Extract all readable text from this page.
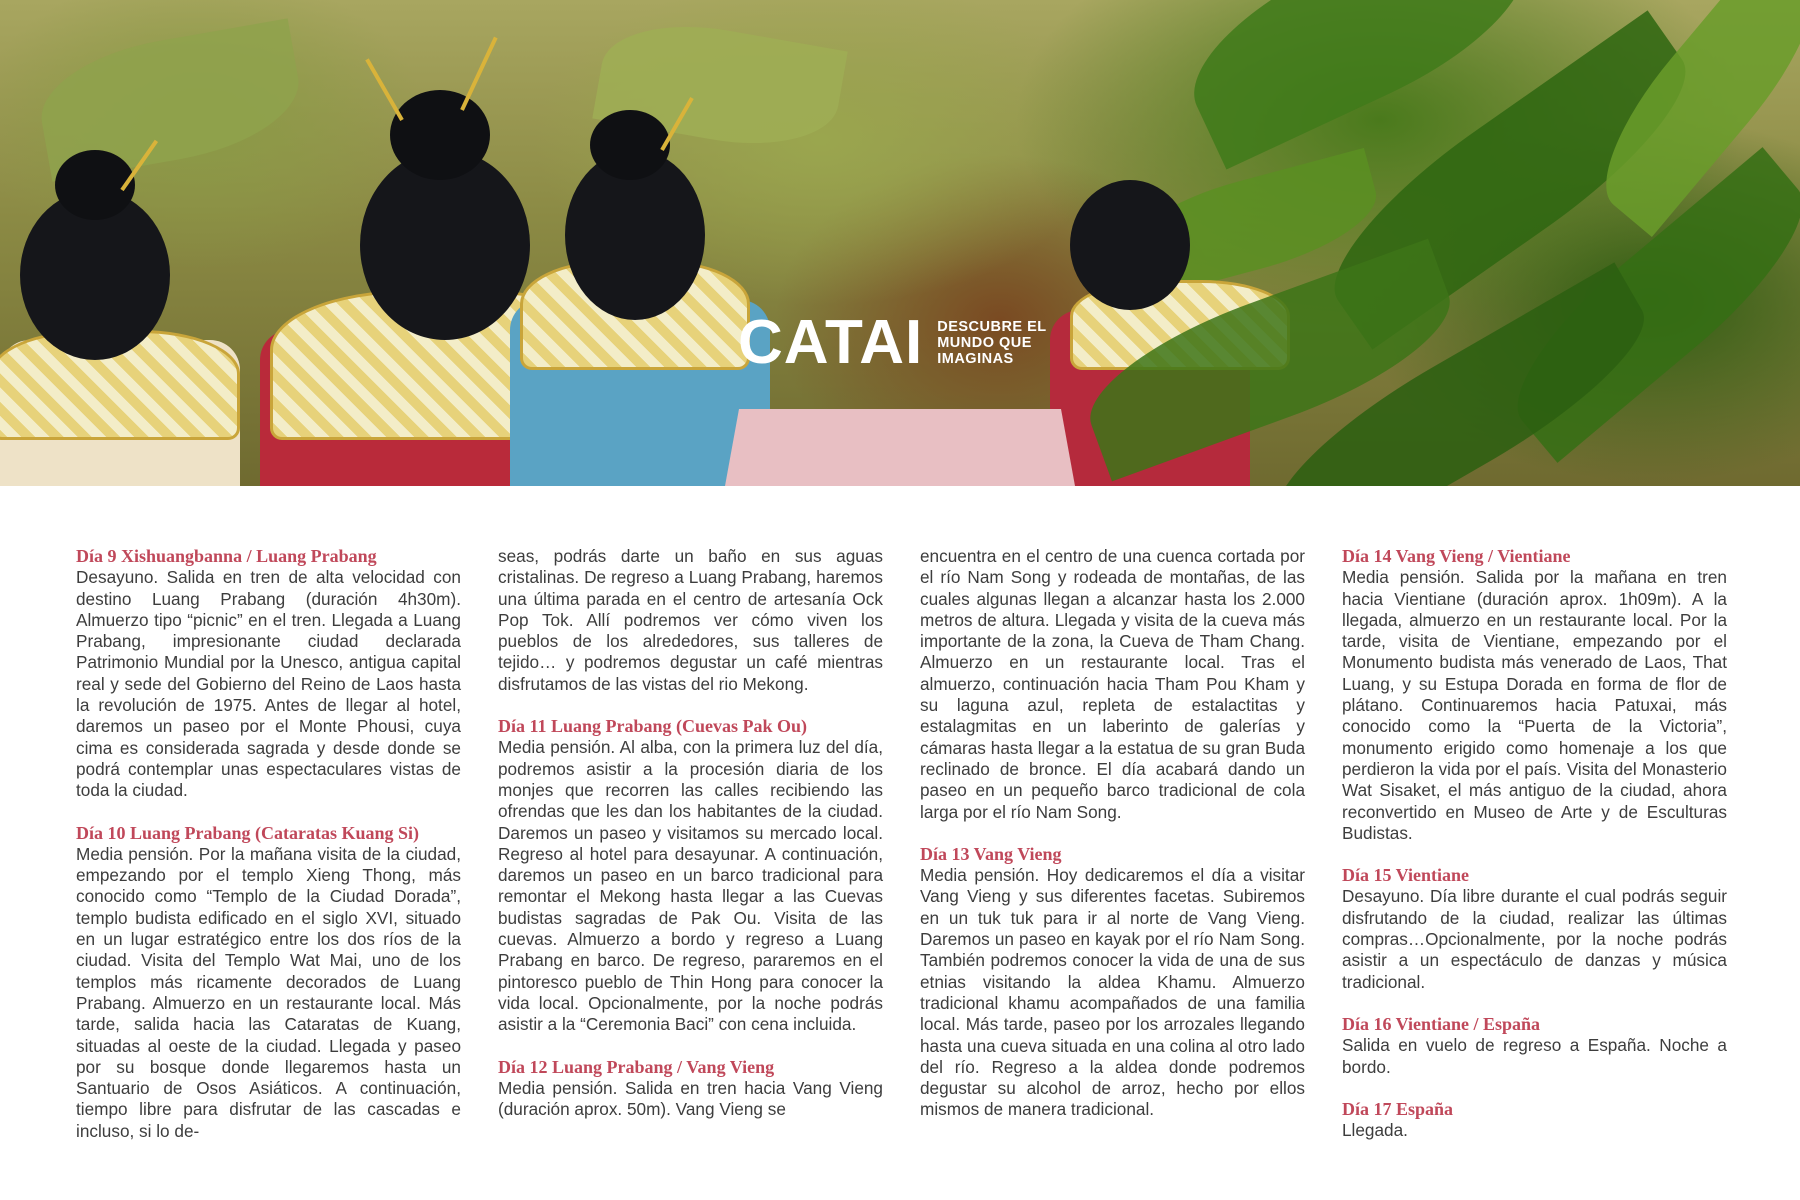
CATAI DESCUBRE EL
MUNDO QUE
IMAGINAS
Día 9 Xishuangbanna / Luang Prabang
Desayuno. Salida en tren de alta velocidad con destino Luang Prabang (duración 4h30m). Almuerzo tipo “picnic” en el tren. Llegada a Luang Prabang, impresionante ciudad declarada Patrimonio Mundial por la Unesco, antigua capital real y sede del Gobierno del Reino de Laos hasta la revolución de 1975. Antes de llegar al hotel, daremos un paseo por el Monte Phousi, cuya cima es considerada sagrada y desde donde se podrá contemplar unas espectaculares vistas de toda la ciudad.
Día 10 Luang Prabang (Cataratas Kuang Si)
Media pensión. Por la mañana visita de la ciudad, empezando por el templo Xieng Thong, más conocido como “Templo de la Ciudad Dorada”, templo budista edificado en el siglo XVI, situado en un lugar estratégico entre los dos ríos de la ciudad. Visita del Templo Wat Mai, uno de los templos más ricamente decorados de Luang Prabang. Almuerzo en un restaurante local. Más tarde, salida hacia las Cataratas de Kuang, situadas al oeste de la ciudad. Llegada y paseo por su bosque donde llegaremos hasta un Santuario de Osos Asiáticos. A continuación, tiempo libre para disfrutar de las cascadas e incluso, si lo de-
seas, podrás darte un baño en sus aguas cristalinas. De regreso a Luang Prabang, haremos una última parada en el centro de artesanía Ock Pop Tok. Allí podremos ver cómo viven los pueblos de los alrededores, sus talleres de tejido… y podremos degustar un café mientras disfrutamos de las vistas del rio Mekong.
Día 11 Luang Prabang (Cuevas Pak Ou)
Media pensión. Al alba, con la primera luz del día, podremos asistir a la procesión diaria de los monjes que recorren las calles recibiendo las ofrendas que les dan los habitantes de la ciudad. Daremos un paseo y visitamos su mercado local. Regreso al hotel para desayunar. A continuación, daremos un paseo en un barco tradicional para remontar el Mekong hasta llegar a las Cuevas budistas sagradas de Pak Ou. Visita de las cuevas. Almuerzo a bordo y regreso a Luang Prabang en barco. De regreso, pararemos en el pintoresco pueblo de Thin Hong para conocer la vida local. Opcionalmente, por la noche podrás asistir a la “Ceremonia Baci” con cena incluida.
Día 12 Luang Prabang / Vang Vieng
Media pensión. Salida en tren hacia Vang Vieng (duración aprox. 50m). Vang Vieng se
encuentra en el centro de una cuenca cortada por el río Nam Song y rodeada de montañas, de las cuales algunas llegan a alcanzar hasta los 2.000 metros de altura. Llegada y visita de la cueva más importante de la zona, la Cueva de Tham Chang. Almuerzo en un restaurante local. Tras el almuerzo, continuación hacia Tham Pou Kham y su laguna azul, repleta de estalactitas y estalagmitas en un laberinto de galerías y cámaras hasta llegar a la estatua de su gran Buda reclinado de bronce. El día acabará dando un paseo en un pequeño barco tradicional de cola larga por el río Nam Song.
Día 13 Vang Vieng
Media pensión. Hoy dedicaremos el día a visitar Vang Vieng y sus diferentes facetas. Subiremos en un tuk tuk para ir al norte de Vang Vieng. Daremos un paseo en kayak por el río Nam Song. También podremos conocer la vida de una de sus etnias visitando la aldea Khamu. Almuerzo tradicional khamu acompañados de una familia local. Más tarde, paseo por los arrozales llegando hasta una cueva situada en una colina al otro lado del río. Regreso a la aldea donde podremos degustar su alcohol de arroz, hecho por ellos mismos de manera tradicional.
Día 14 Vang Vieng / Vientiane
Media pensión. Salida por la mañana en tren hacia Vientiane (duración aprox. 1h09m). A la llegada, almuerzo en un restaurante local. Por la tarde, visita de Vientiane, empezando por el Monumento budista más venerado de Laos, That Luang, y su Estupa Dorada en forma de flor de plátano. Continuaremos hacia Patuxai, más conocido como la “Puerta de la Victoria”, monumento erigido como homenaje a los que perdieron la vida por el país. Visita del Monasterio Wat Sisaket, el más antiguo de la ciudad, ahora reconvertido en Museo de Arte y de Esculturas Budistas.
Día 15 Vientiane
Desayuno. Día libre durante el cual podrás seguir disfrutando de la ciudad, realizar las últimas compras…Opcionalmente, por la noche podrás asistir a un espectáculo de danzas y música tradicional.
Día 16 Vientiane / España
Salida en vuelo de regreso a España. Noche a bordo.
Día 17 España
Llegada.
